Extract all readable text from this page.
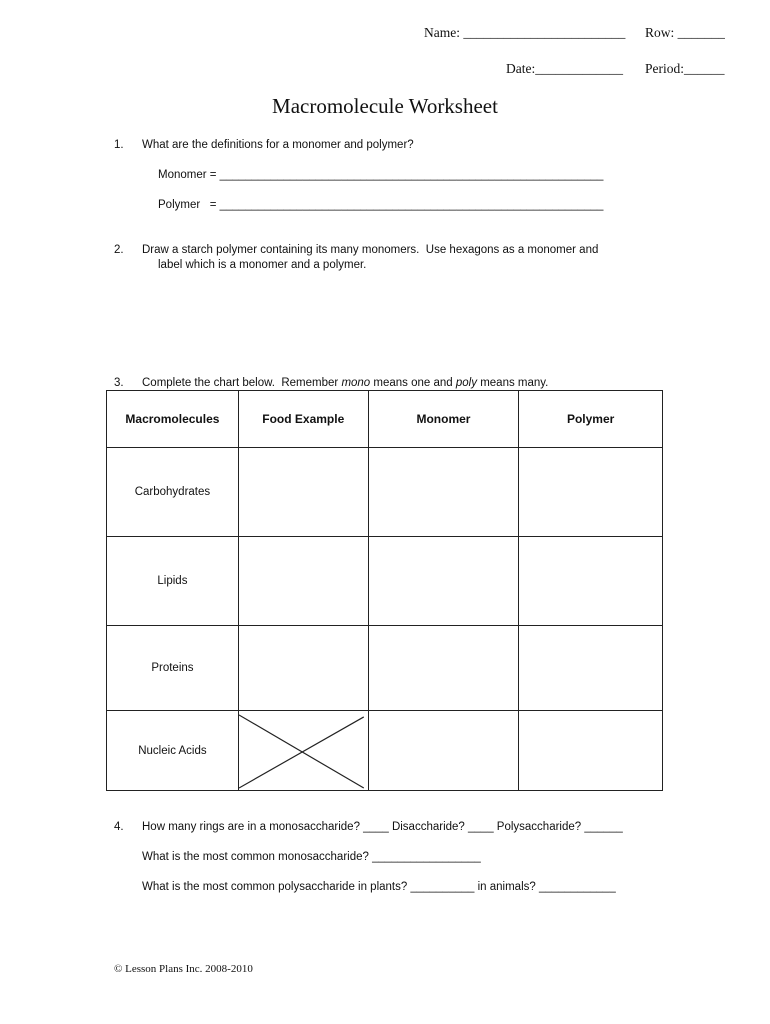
Name: ________________________ Row: _______
Date:_____________ Period:______
Macromolecule Worksheet
1. What are the definitions for a monomer and polymer?
Monomer = ____________________________________________________________
Polymer   = ____________________________________________________________
2. Draw a starch polymer containing its many monomers.  Use hexagons as a monomer and
label which is a monomer and a polymer.
3. Complete the chart below.  Remember mono means one and poly means many.
Macromolecules	Food Example	Monomer	Polymer
Carbohydrates			
Lipids			
Proteins			
Nucleic Acids	

4. How many rings are in a monosaccharide? ____ Disaccharide? ____ Polysaccharide? ______
What is the most common monosaccharide? _________________
What is the most common polysaccharide in plants? __________ in animals? ____________
© Lesson Plans Inc. 2008-2010
